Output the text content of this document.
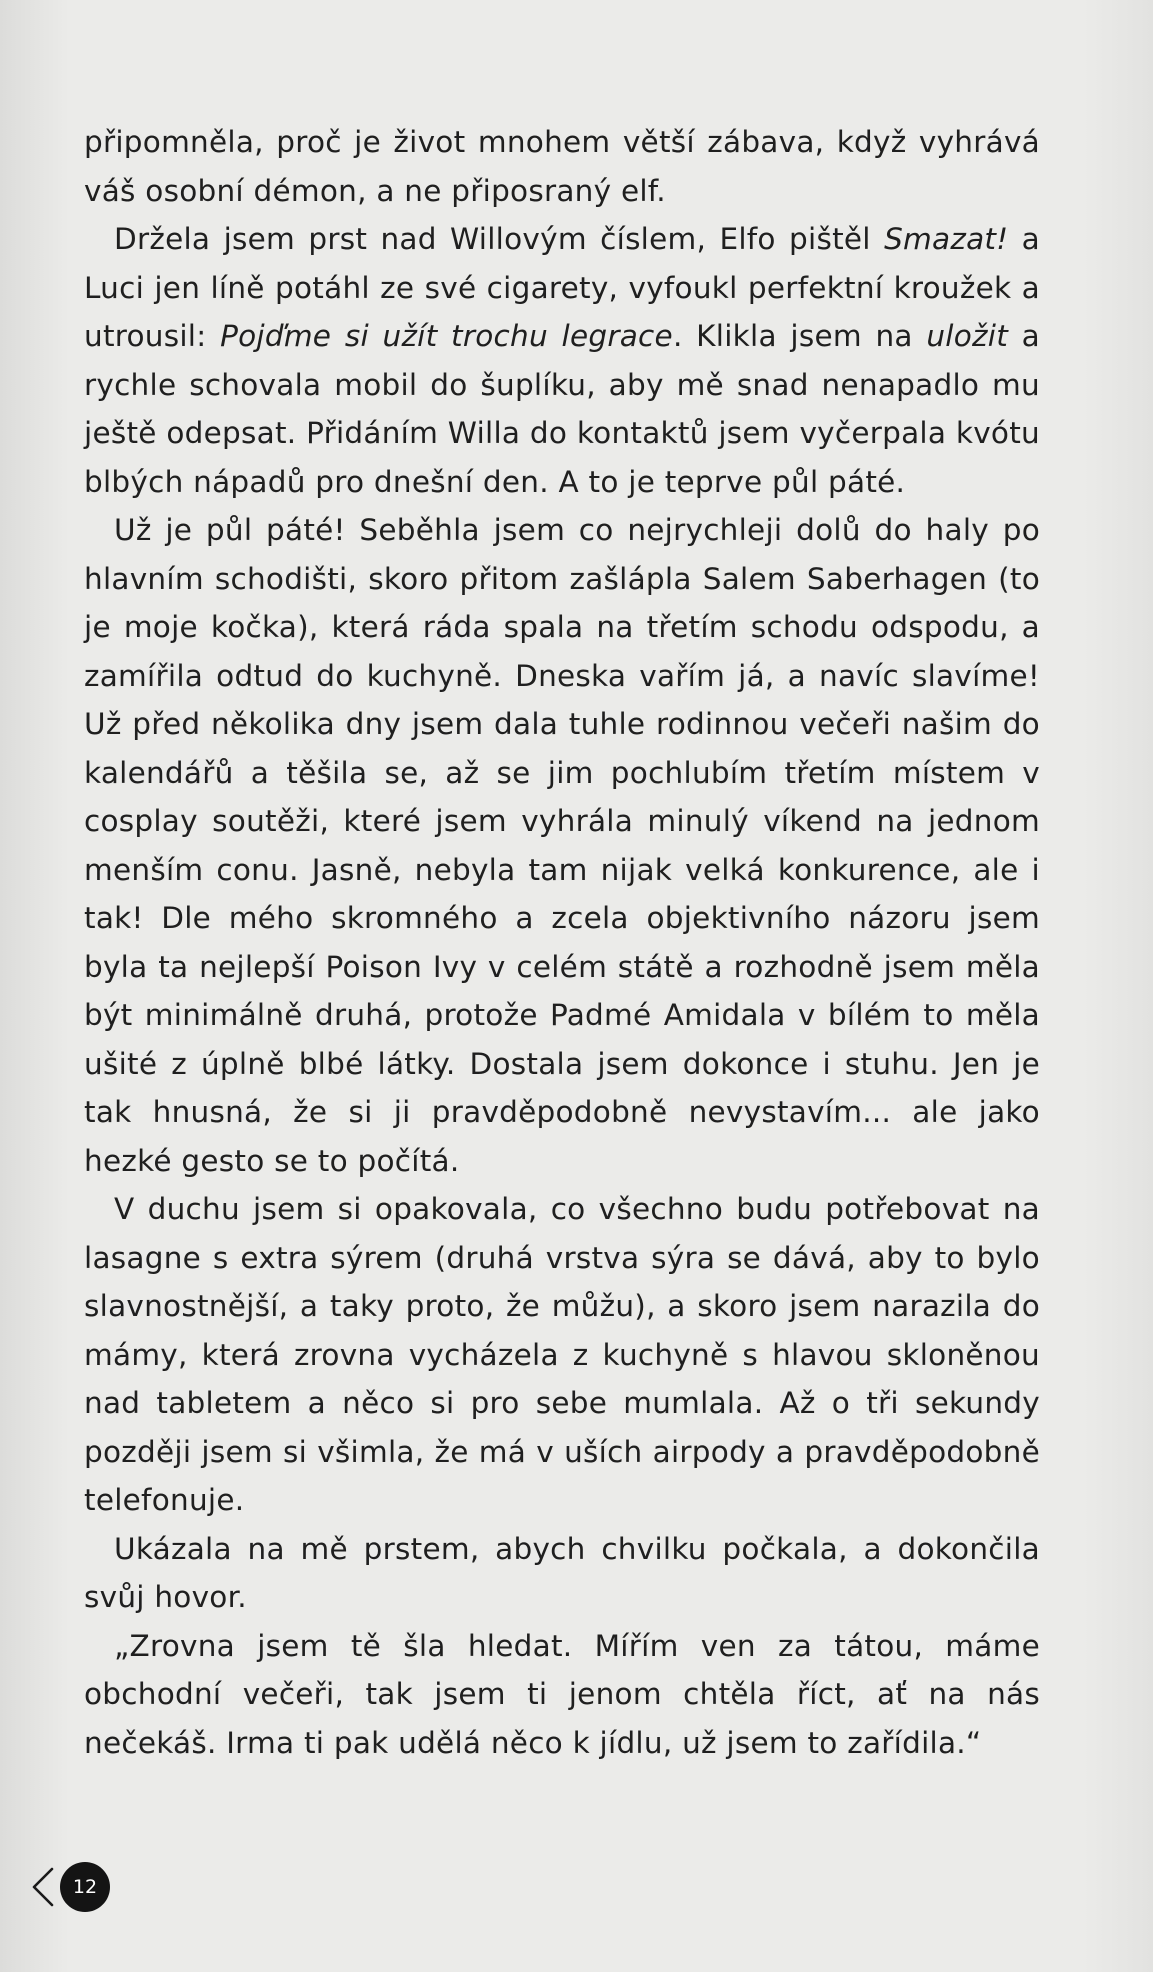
připomněla, proč je život mnohem větší zábava, když vyhrává váš osobní démon, a ne připosraný elf.

Držela jsem prst nad Willovým číslem, Elfo pištěl Smazat! a Luci jen líně potáhl ze své cigarety, vyfoukl perfektní kroužek a utrousil: Pojďme si užít trochu legrace. Klikla jsem na uložit a rychle schovala mobil do šuplíku, aby mě snad nenapadlo mu ještě odepsat. Přidáním Willa do kontaktů jsem vyčerpala kvótu blbých nápadů pro dnešní den. A to je teprve půl páté.

Už je půl páté! Seběhla jsem co nejrychleji dolů do haly po hlavním schodišti, skoro přitom zašlápla Salem Saberhagen (to je moje kočka), která ráda spala na třetím schodu odspodu, a zamířila odtud do kuchyně. Dneska vařím já, a navíc slavíme! Už před několika dny jsem dala tuhle rodinnou večeři našim do kalendářů a těšila se, až se jim pochlubím třetím místem v cosplay soutěži, které jsem vyhrála minulý víkend na jednom menším conu. Jasně, nebyla tam nijak velká konkurence, ale i tak! Dle mého skromného a zcela objektivního názoru jsem byla ta nejlepší Poison Ivy v celém státě a rozhodně jsem měla být minimálně druhá, protože Padmé Amidala v bílém to měla ušité z úplně blbé látky. Dostala jsem dokonce i stuhu. Jen je tak hnusná, že si ji pravděpodobně nevystavím... ale jako hezké gesto se to počítá.

V duchu jsem si opakovala, co všechno budu potřebovat na lasagne s extra sýrem (druhá vrstva sýra se dává, aby to bylo slavnostnější, a taky proto, že můžu), a skoro jsem narazila do mámy, která zrovna vycházela z kuchyně s hlavou skloněnou nad tabletem a něco si pro sebe mumlala. Až o tři sekundy později jsem si všimla, že má v uších airpody a pravděpodobně telefonuje.

Ukázala na mě prstem, abych chvilku počkala, a dokončila svůj hovor.

„Zrovna jsem tě šla hledat. Mířím ven za tátou, máme obchodní večeři, tak jsem ti jenom chtěla říct, ať na nás nečekáš. Irma ti pak udělá něco k jídlu, už jsem to zařídila.“

12
